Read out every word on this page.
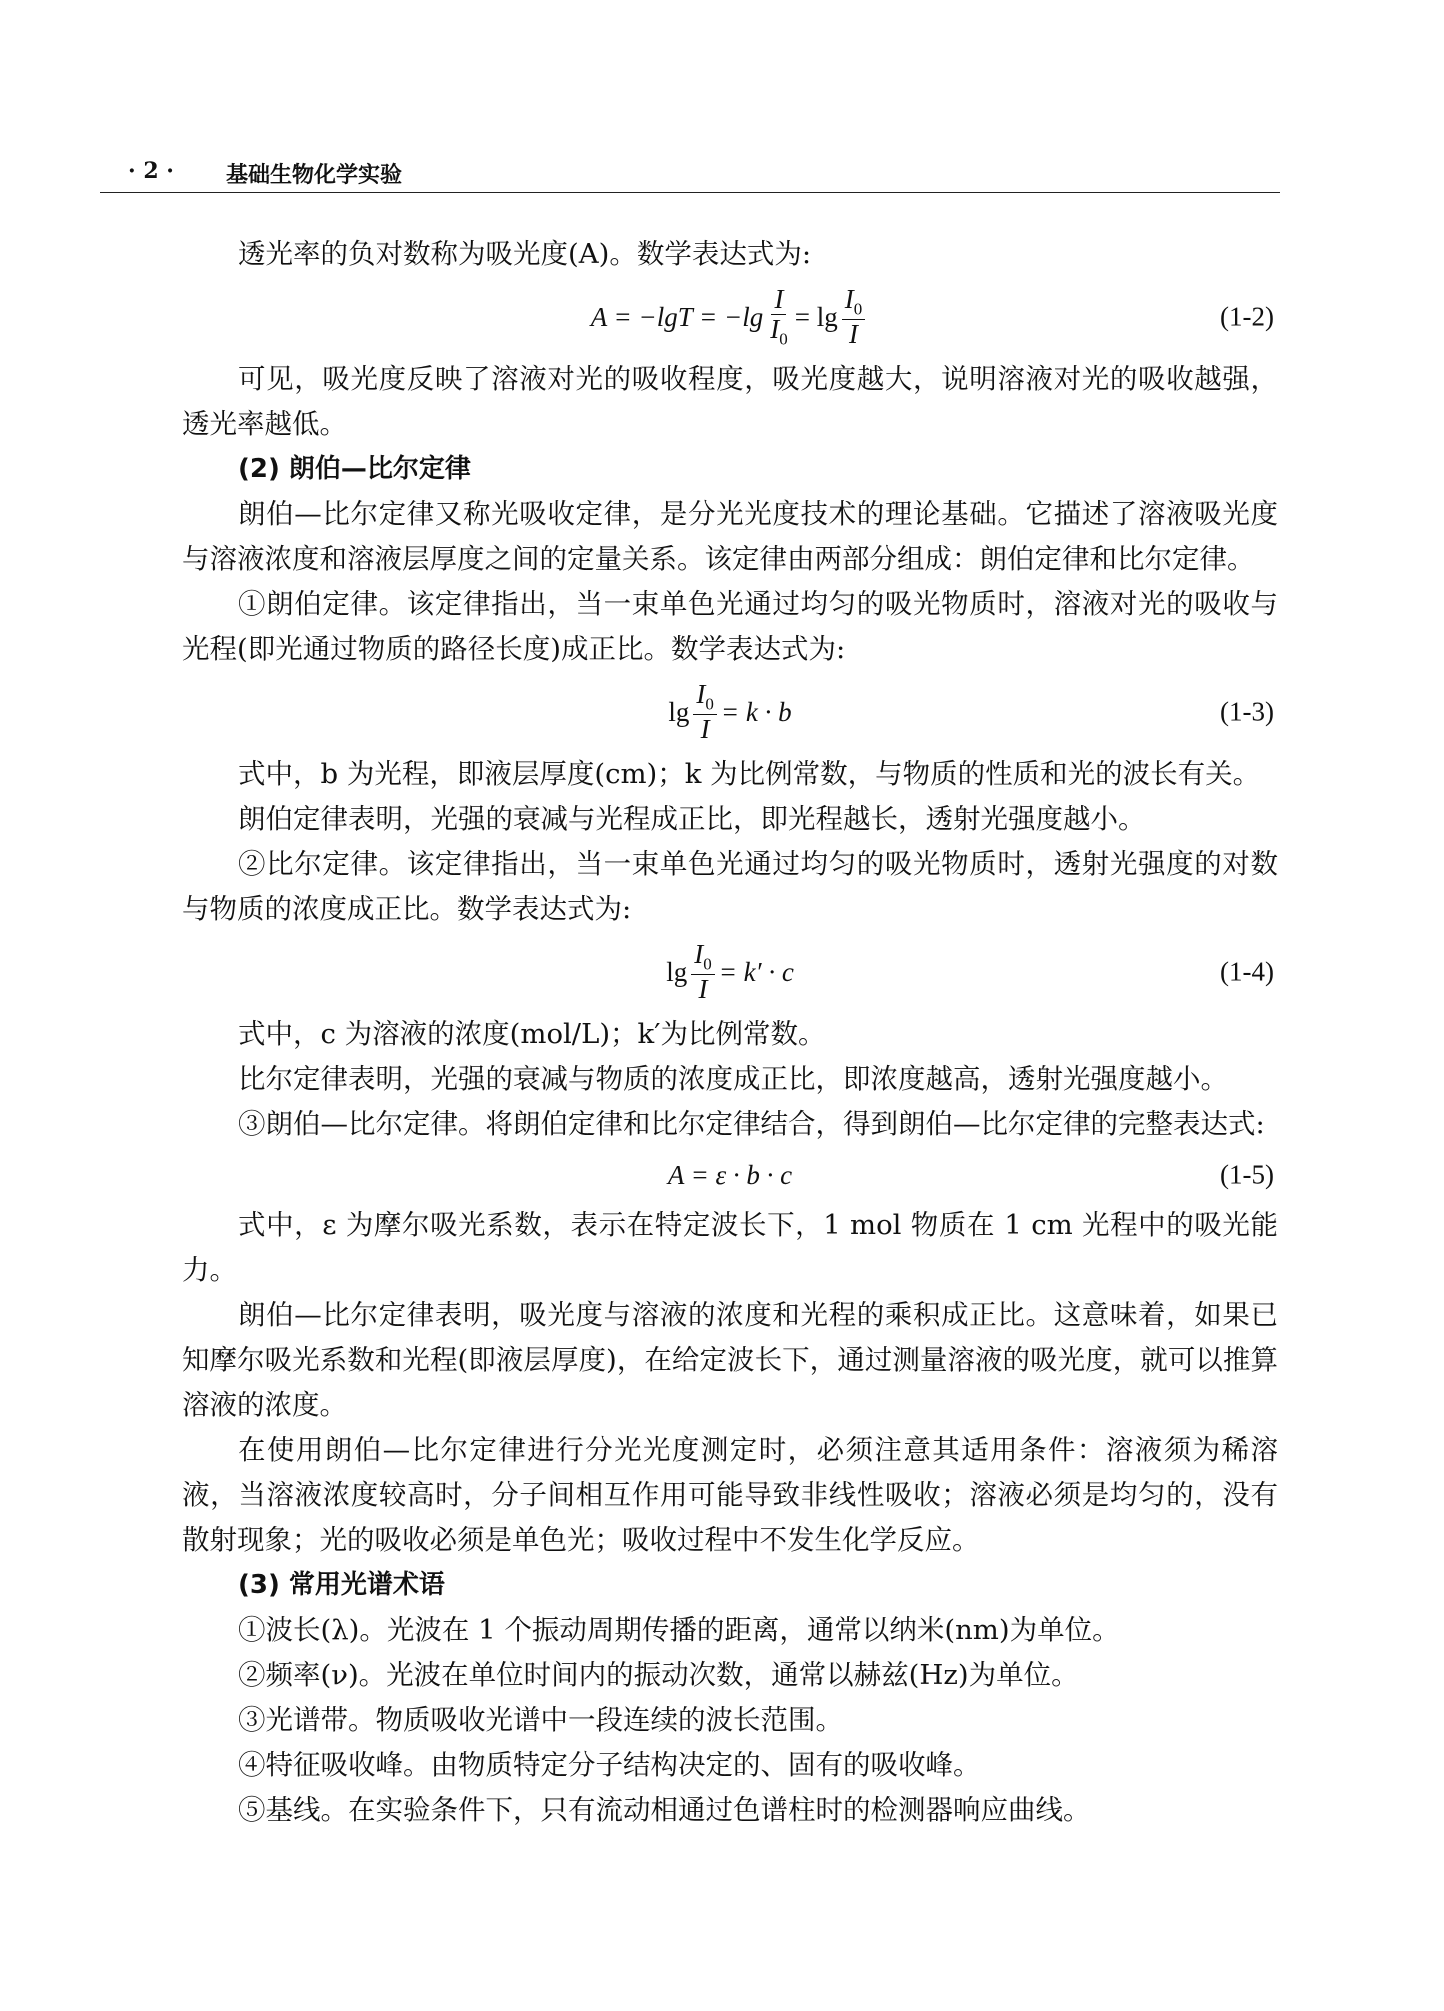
· 2 · 基础生物化学实验

透光率的负对数称为吸光度(A)。数学表达式为:

$A = -\lg T = -\lg \frac{I}{I_0} = \lg \frac{I_0}{I}$	(1-2)

可见，吸光度反映了溶液对光的吸收程度，吸光度越大，说明溶液对光的吸收越强，透光率越低。

(2) 朗伯—比尔定律

朗伯—比尔定律又称光吸收定律，是分光光度技术的理论基础。它描述了溶液吸光度与溶液浓度和溶液层厚度之间的定量关系。该定律由两部分组成：朗伯定律和比尔定律。

①朗伯定律。该定律指出，当一束单色光通过均匀的吸光物质时，溶液对光的吸收与光程(即光通过物质的路径长度)成正比。数学表达式为:

$\lg \frac{I_0}{I} = k \cdot b$	(1-3)

式中，b 为光程，即液层厚度(cm)；k 为比例常数，与物质的性质和光的波长有关。

朗伯定律表明，光强的衰减与光程成正比，即光程越长，透射光强度越小。

②比尔定律。该定律指出，当一束单色光通过均匀的吸光物质时，透射光强度的对数与物质的浓度成正比。数学表达式为:

$\lg \frac{I_0}{I} = k' \cdot c$	(1-4)

式中，c 为溶液的浓度(mol/L)；k′为比例常数。

比尔定律表明，光强的衰减与物质的浓度成正比，即浓度越高，透射光强度越小。

③朗伯—比尔定律。将朗伯定律和比尔定律结合，得到朗伯—比尔定律的完整表达式:

A = ε · b · c	(1-5)

式中，ε 为摩尔吸光系数，表示在特定波长下，1 mol 物质在 1 cm 光程中的吸光能力。

朗伯—比尔定律表明，吸光度与溶液的浓度和光程的乘积成正比。这意味着，如果已知摩尔吸光系数和光程(即液层厚度)，在给定波长下，通过测量溶液的吸光度，就可以推算溶液的浓度。

在使用朗伯—比尔定律进行分光光度测定时，必须注意其适用条件：溶液须为稀溶液，当溶液浓度较高时，分子间相互作用可能导致非线性吸收；溶液必须是均匀的，没有散射现象；光的吸收必须是单色光；吸收过程中不发生化学反应。

(3) 常用光谱术语

①波长(λ)。光波在 1 个振动周期传播的距离，通常以纳米(nm)为单位。

②频率(ν)。光波在单位时间内的振动次数，通常以赫兹(Hz)为单位。

③光谱带。物质吸收光谱中一段连续的波长范围。

④特征吸收峰。由物质特定分子结构决定的、固有的吸收峰。

⑤基线。在实验条件下，只有流动相通过色谱柱时的检测器响应曲线。
